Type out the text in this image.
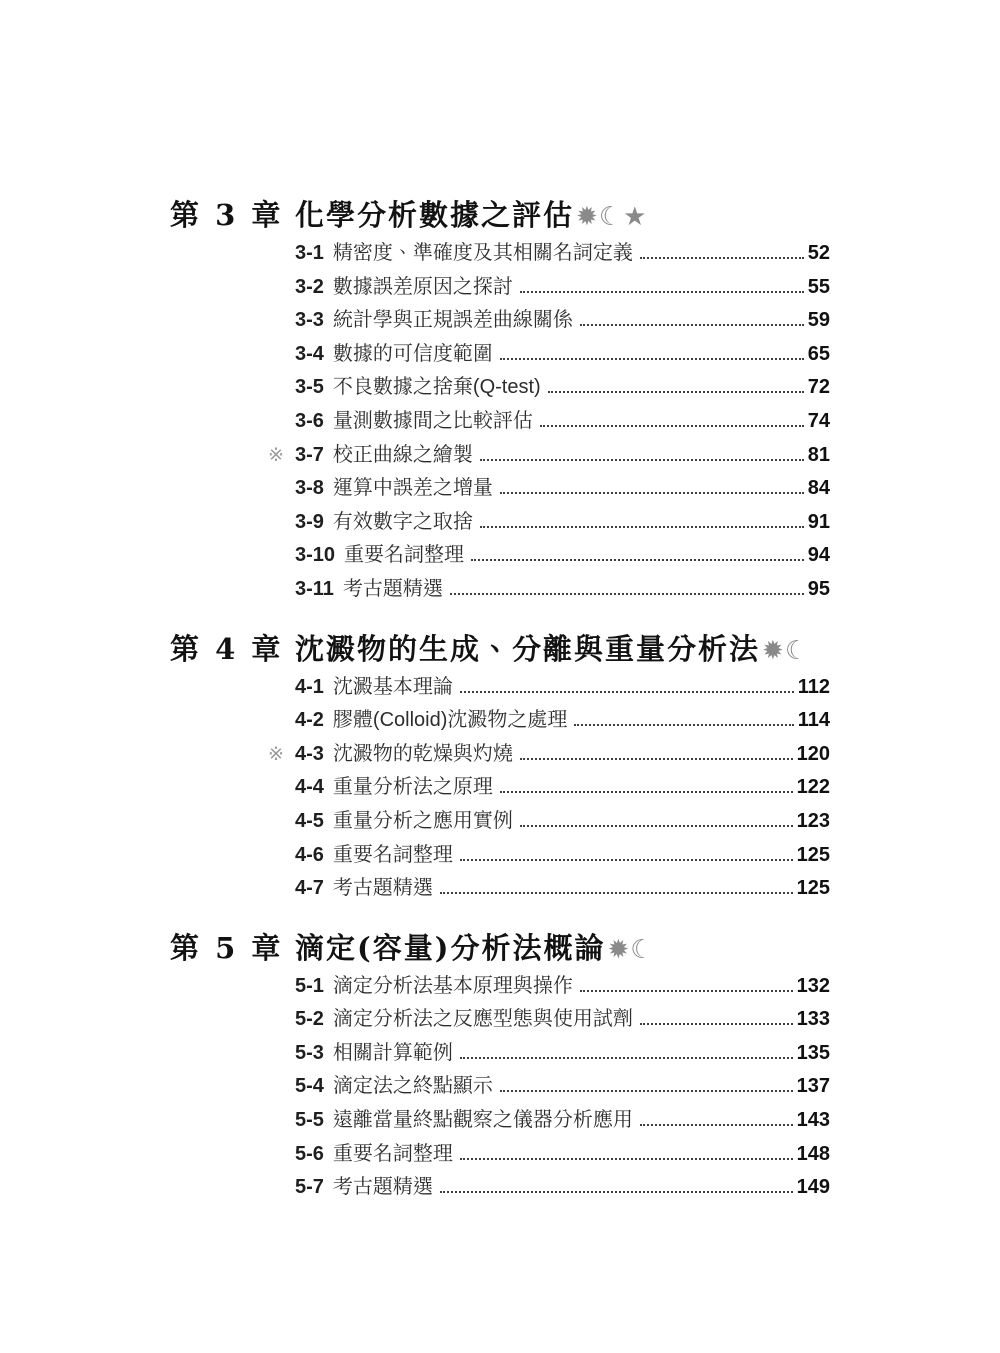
第 3 章 化學分析數據之評估 ✹☾★
3-1 精密度、準確度及其相關名詞定義	52
3-2 數據誤差原因之探討	55
3-3 統計學與正規誤差曲線關係	59
3-4 數據的可信度範圍	65
3-5 不良數據之捨棄(Q-test)	72
3-6 量測數據間之比較評估	74
※ 3-7 校正曲線之繪製	81
3-8 運算中誤差之增量	84
3-9 有效數字之取捨	91
3-10 重要名詞整理	94
3-11 考古題精選	95
第 4 章 沈澱物的生成、分離與重量分析法 ✹☾
4-1 沈澱基本理論	112
4-2 膠體(Colloid)沈澱物之處理	114
※ 4-3 沈澱物的乾燥與灼燒	120
4-4 重量分析法之原理	122
4-5 重量分析之應用實例	123
4-6 重要名詞整理	125
4-7 考古題精選	125
第 5 章 滴定(容量)分析法概論 ✹☾
5-1 滴定分析法基本原理與操作	132
5-2 滴定分析法之反應型態與使用試劑	133
5-3 相關計算範例	135
5-4 滴定法之終點顯示	137
5-5 遠離當量終點觀察之儀器分析應用	143
5-6 重要名詞整理	148
5-7 考古題精選	149
